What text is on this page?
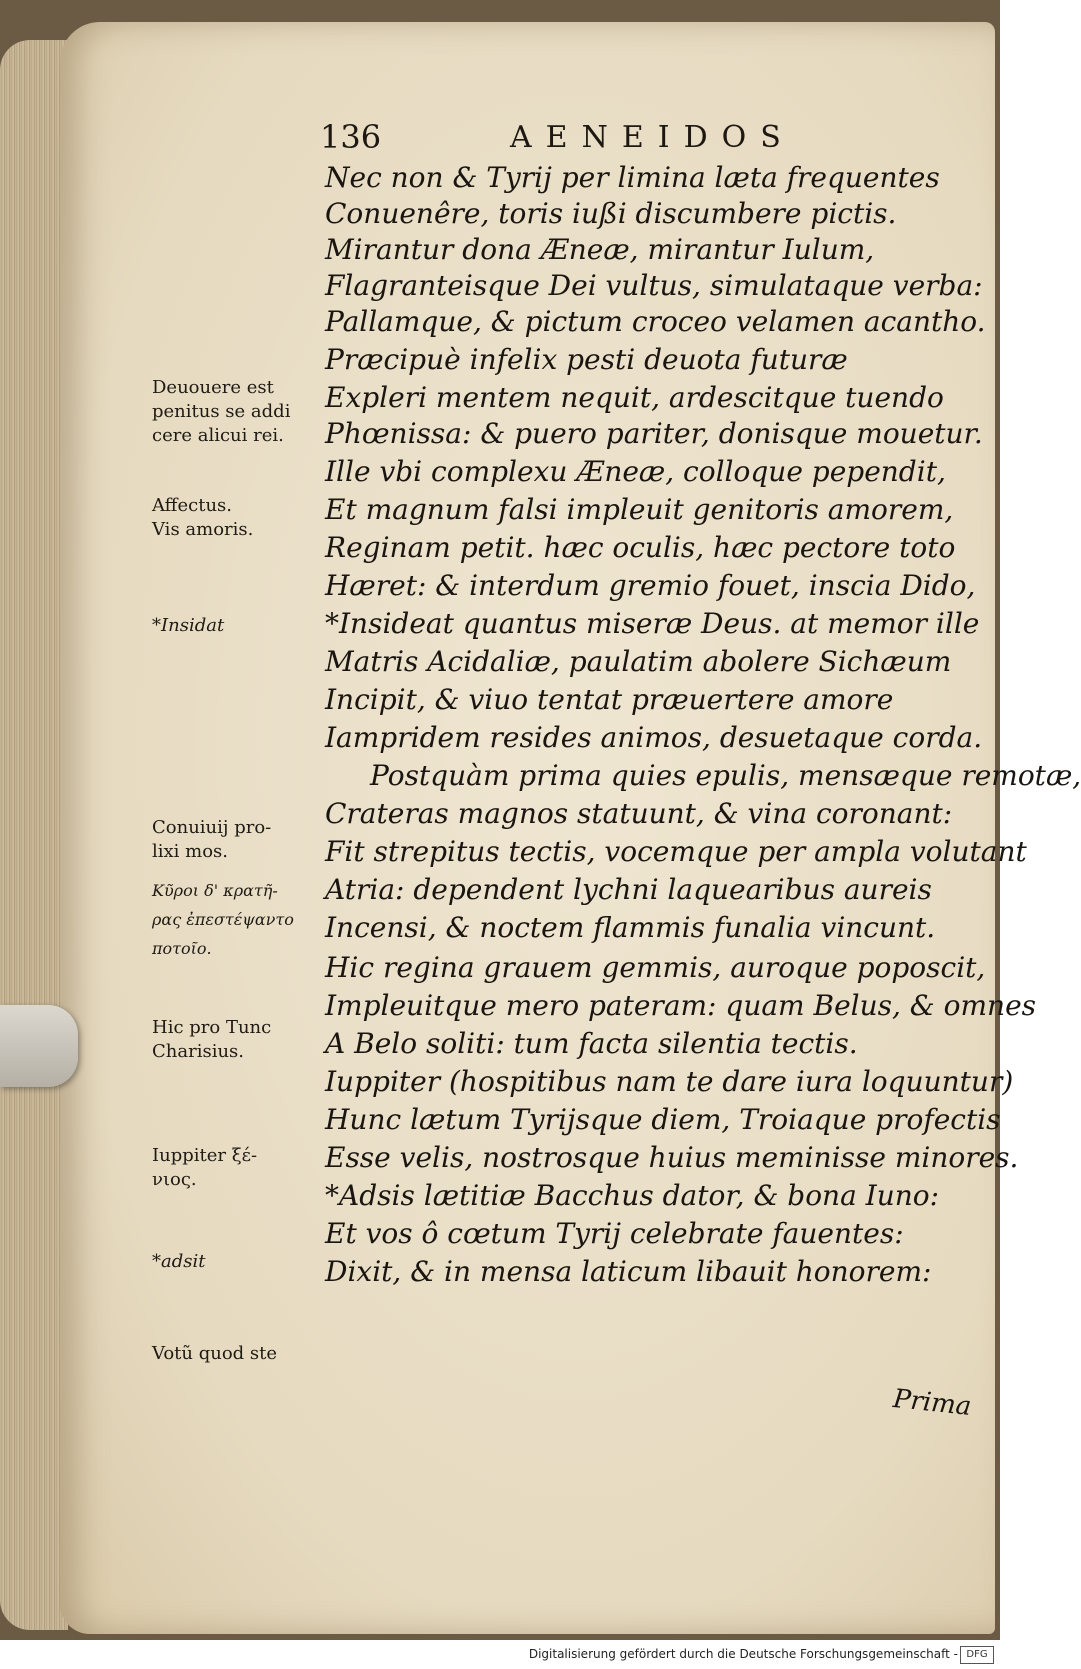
136	AENEIDOS
Nec non & Tyrij per limina læta frequentes
Conuenêre, toris iußi discumbere pictis.
Mirantur dona Æneæ, mirantur Iulum,
Flagranteisque Dei vultus, simulataque verba:
Pallamque, & pictum croceo velamen acantho.
Præcipuè infelix pesti deuota futuræ
Expleri mentem nequit, ardescitque tuendo
Phœnissa: & puero pariter, donisque mouetur.
Ille vbi complexu Æneæ, colloque pependit,
Et magnum falsi impleuit genitoris amorem,
Reginam petit. hæc oculis, hæc pectore toto
Hæret: & interdum gremio fouet, inscia Dido,
*Insideat quantus miseræ Deus. at memor ille
Matris Acidaliæ, paulatim abolere Sichæum
Incipit, & viuo tentat præuertere amore
Iampridem resides animos, desuetaque corda.
Postquàm prima quies epulis, mensæque remotæ,
Crateras magnos statuunt, & vina coronant:
Fit strepitus tectis, vocemque per ampla volutant
Atria: dependent lychni laquearibus aureis
Incensi, & noctem flammis funalia vincunt.
Hic regina grauem gemmis, auroque poposcit,
Impleuitque mero pateram: quam Belus, & omnes
A Belo soliti: tum facta silentia tectis.
Iuppiter (hospitibus nam te dare iura loquuntur)
Hunc lætum Tyrijsque diem, Troiaque profectis
Esse velis, nostrosque huius meminisse minores.
*Adsis lætitiæ Bacchus dator, & bona Iuno:
Et vos ô cœtum Tyrij celebrate fauentes:
Dixit, & in mensa laticum libauit honorem:
Deuouere est
penitus se addi
cere alicui rei.
Affectus.
Vis amoris.
*Insidat
Conuiuij pro-
lixi mos.
Κῦροι δ' κρατῆ-
ρας ἐπεστέψαντο
ποτοῖο.
Hic pro Tunc
Charisius.
Iuppiter ξέ-
νιος.
*adsit
Votũ quod ste
Prima
Digitalisierung gefördert durch die Deutsche Forschungsgemeinschaft - DFG
